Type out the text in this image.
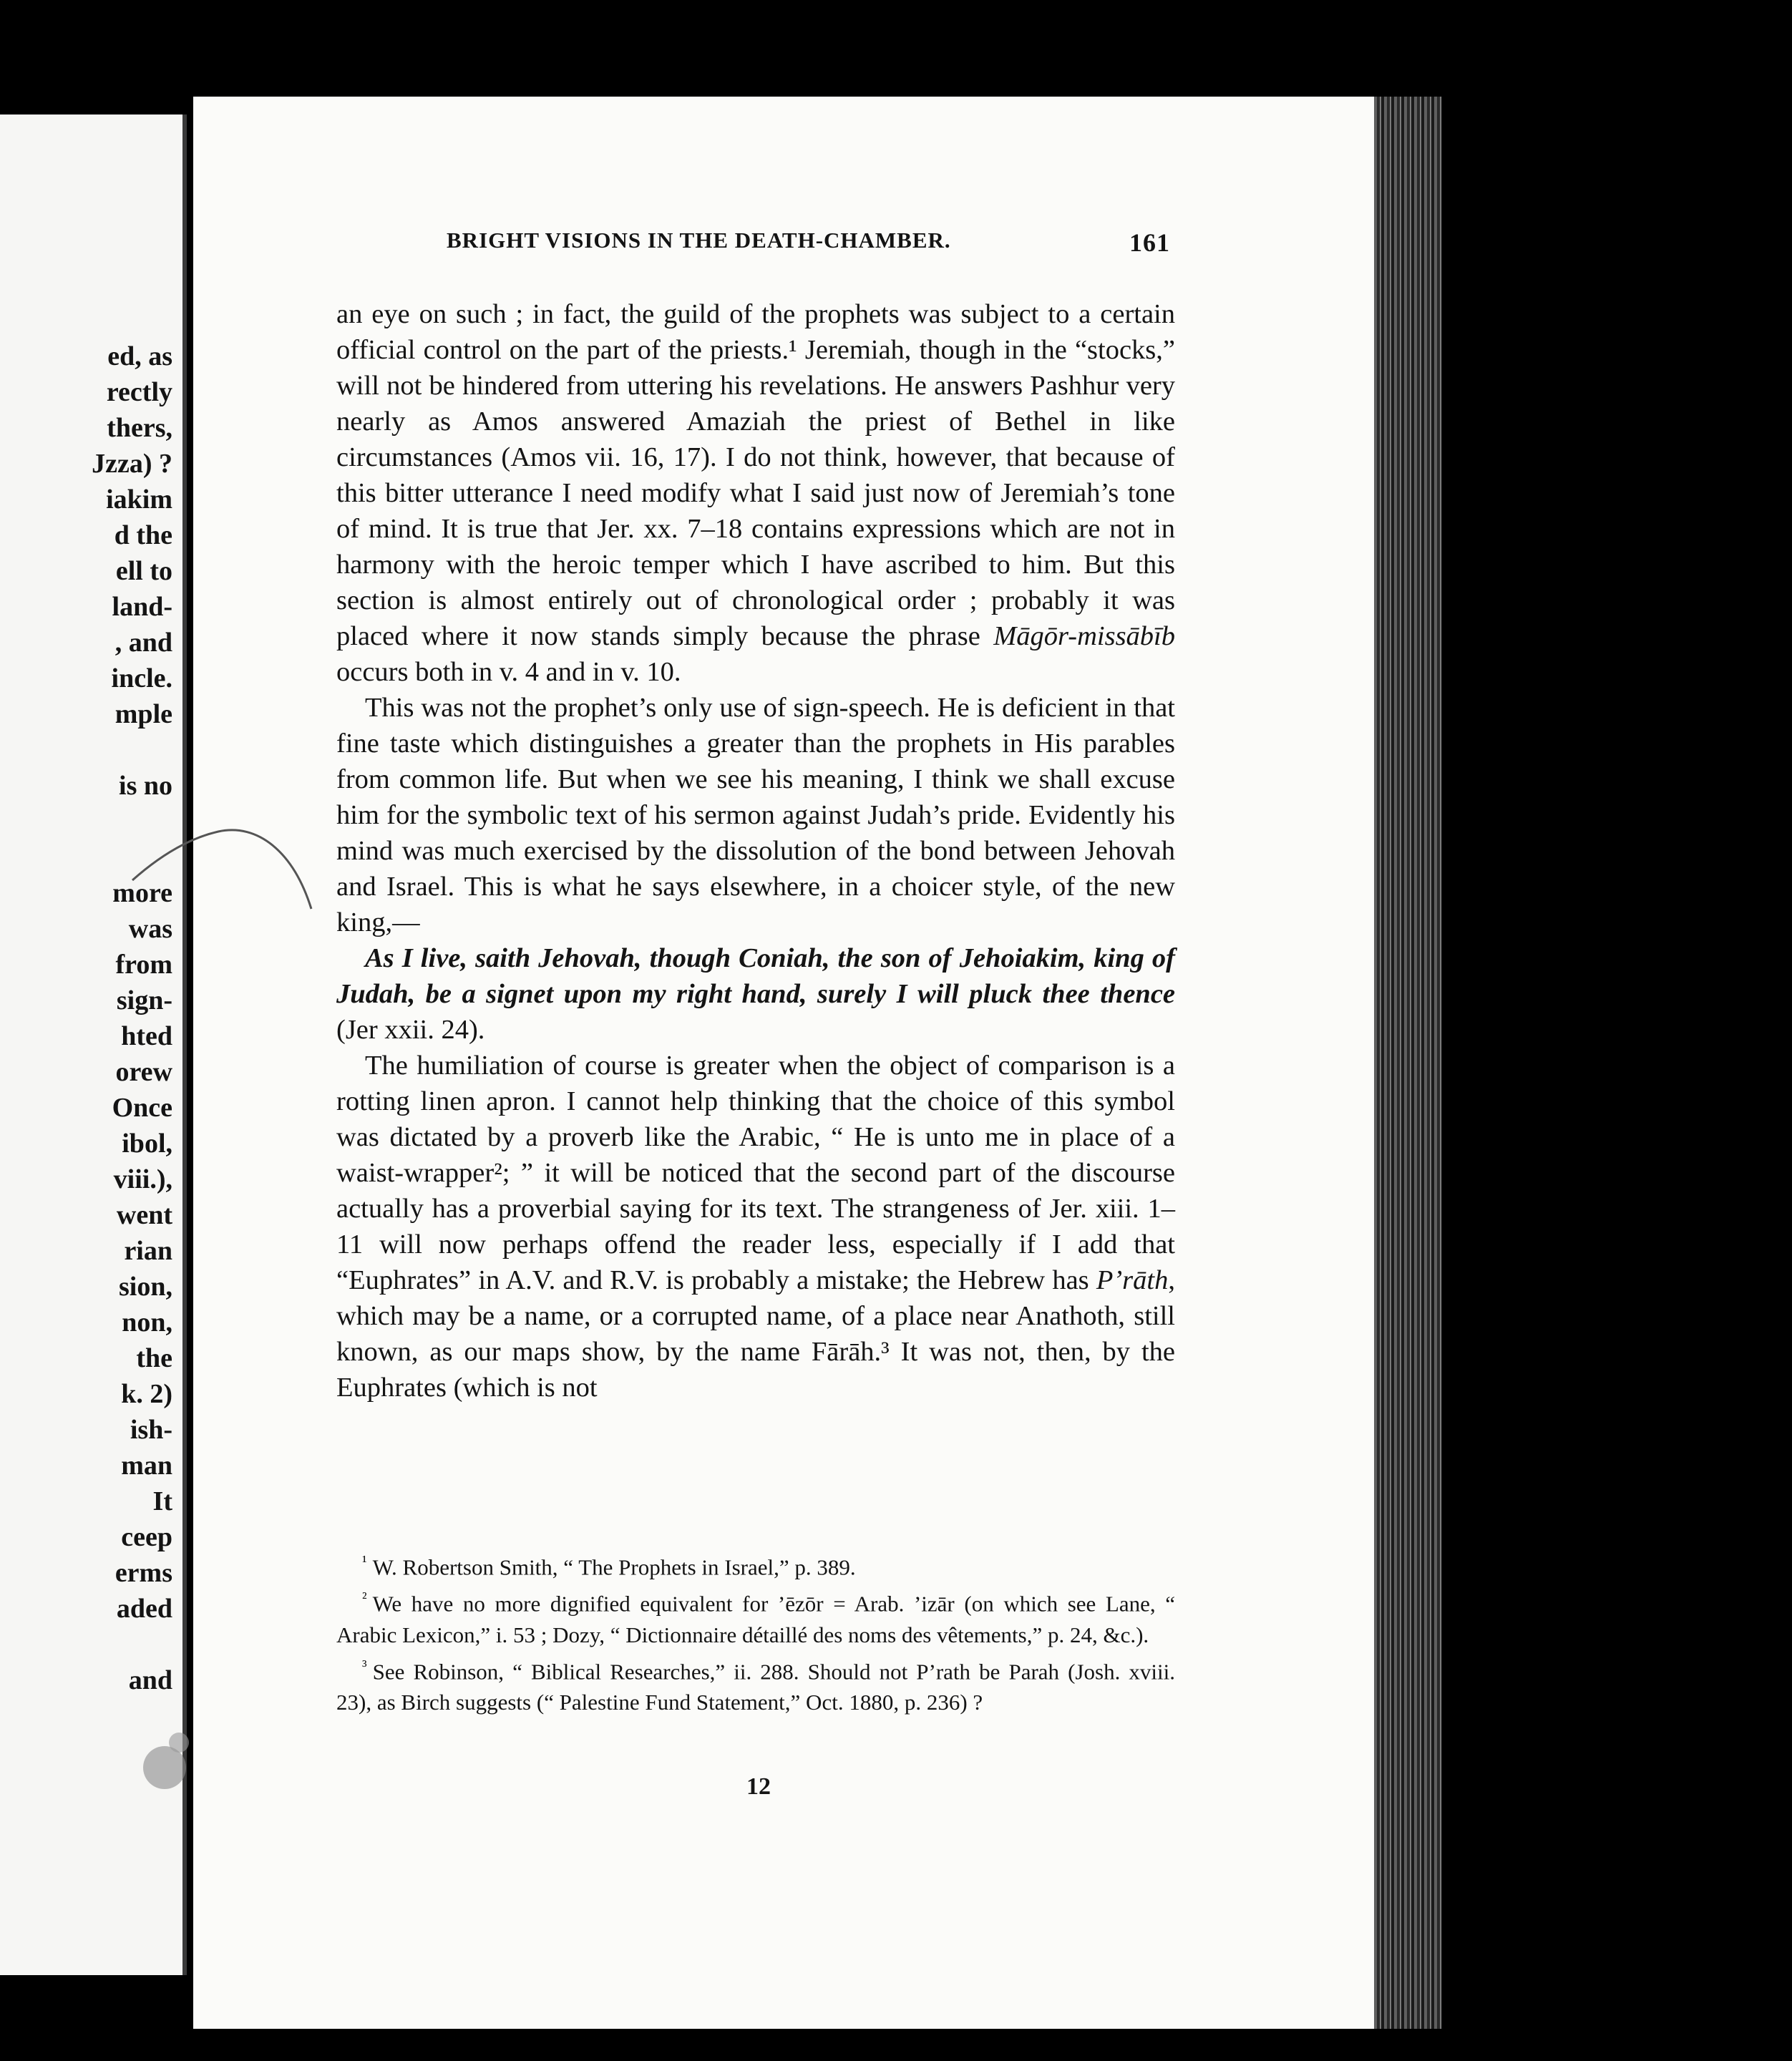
ed, as
rectly
thers,
Jzza) ?
iakim
d the
ell to
land-
, and
incle.
mple
is no
more
was
from
sign-
hted
orew
Once
ibol,
viii.),
went
rian
sion,
non,
the
k. 2)
ish-
man
It
ceep
erms
aded
and
BRIGHT VISIONS IN THE DEATH-CHAMBER.	161

an eye on such ; in fact, the guild of the prophets was subject to a certain official control on the part of the priests.¹ Jeremiah, though in the “stocks,” will not be hindered from uttering his revelations. He answers Pashhur very nearly as Amos answered Amaziah the priest of Bethel in like circumstances (Amos vii. 16, 17). I do not think, however, that because of this bitter utterance I need modify what I said just now of Jeremiah’s tone of mind. It is true that Jer. xx. 7–18 contains expressions which are not in harmony with the heroic temper which I have ascribed to him. But this section is almost entirely out of chronological order ; probably it was placed where it now stands simply because the phrase Māgōr-missābīb occurs both in v. 4 and in v. 10.

This was not the prophet’s only use of sign-speech. He is deficient in that fine taste which distinguishes a greater than the prophets in His parables from common life. But when we see his meaning, I think we shall excuse him for the symbolic text of his sermon against Judah’s pride. Evidently his mind was much exercised by the dissolution of the bond between Jehovah and Israel. This is what he says elsewhere, in a choicer style, of the new king,—

As I live, saith Jehovah, though Coniah, the son of Jehoiakim, king of Judah, be a signet upon my right hand, surely I will pluck thee thence (Jer xxii. 24).

The humiliation of course is greater when the object of comparison is a rotting linen apron. I cannot help thinking that the choice of this symbol was dictated by a proverb like the Arabic, “ He is unto me in place of a waist-wrapper²; ” it will be noticed that the second part of the discourse actually has a proverbial saying for its text. The strangeness of Jer. xiii. 1–11 will now perhaps offend the reader less, especially if I add that “Euphrates” in A.V. and R.V. is probably a mistake; the Hebrew has P’rāth, which may be a name, or a corrupted name, of a place near Anathoth, still known, as our maps show, by the name Fārāh.³ It was not, then, by the Euphrates (which is not

$^{^1}$ W. Robertson Smith, “ The Prophets in Israel,” p. 389.

$^{^2}$ We have no more dignified equivalent for ’ēzōr = Arab. ’izār (on which see Lane, “ Arabic Lexicon,” i. 53 ; Dozy, “ Dictionnaire détaillé des noms des vêtements,” p. 24, &c.).

$^{^3}$ See Robinson, “ Biblical Researches,” ii. 288. Should not P’rath be Parah (Josh. xviii. 23), as Birch suggests (“ Palestine Fund Statement,” Oct. 1880, p. 236) ?

12
